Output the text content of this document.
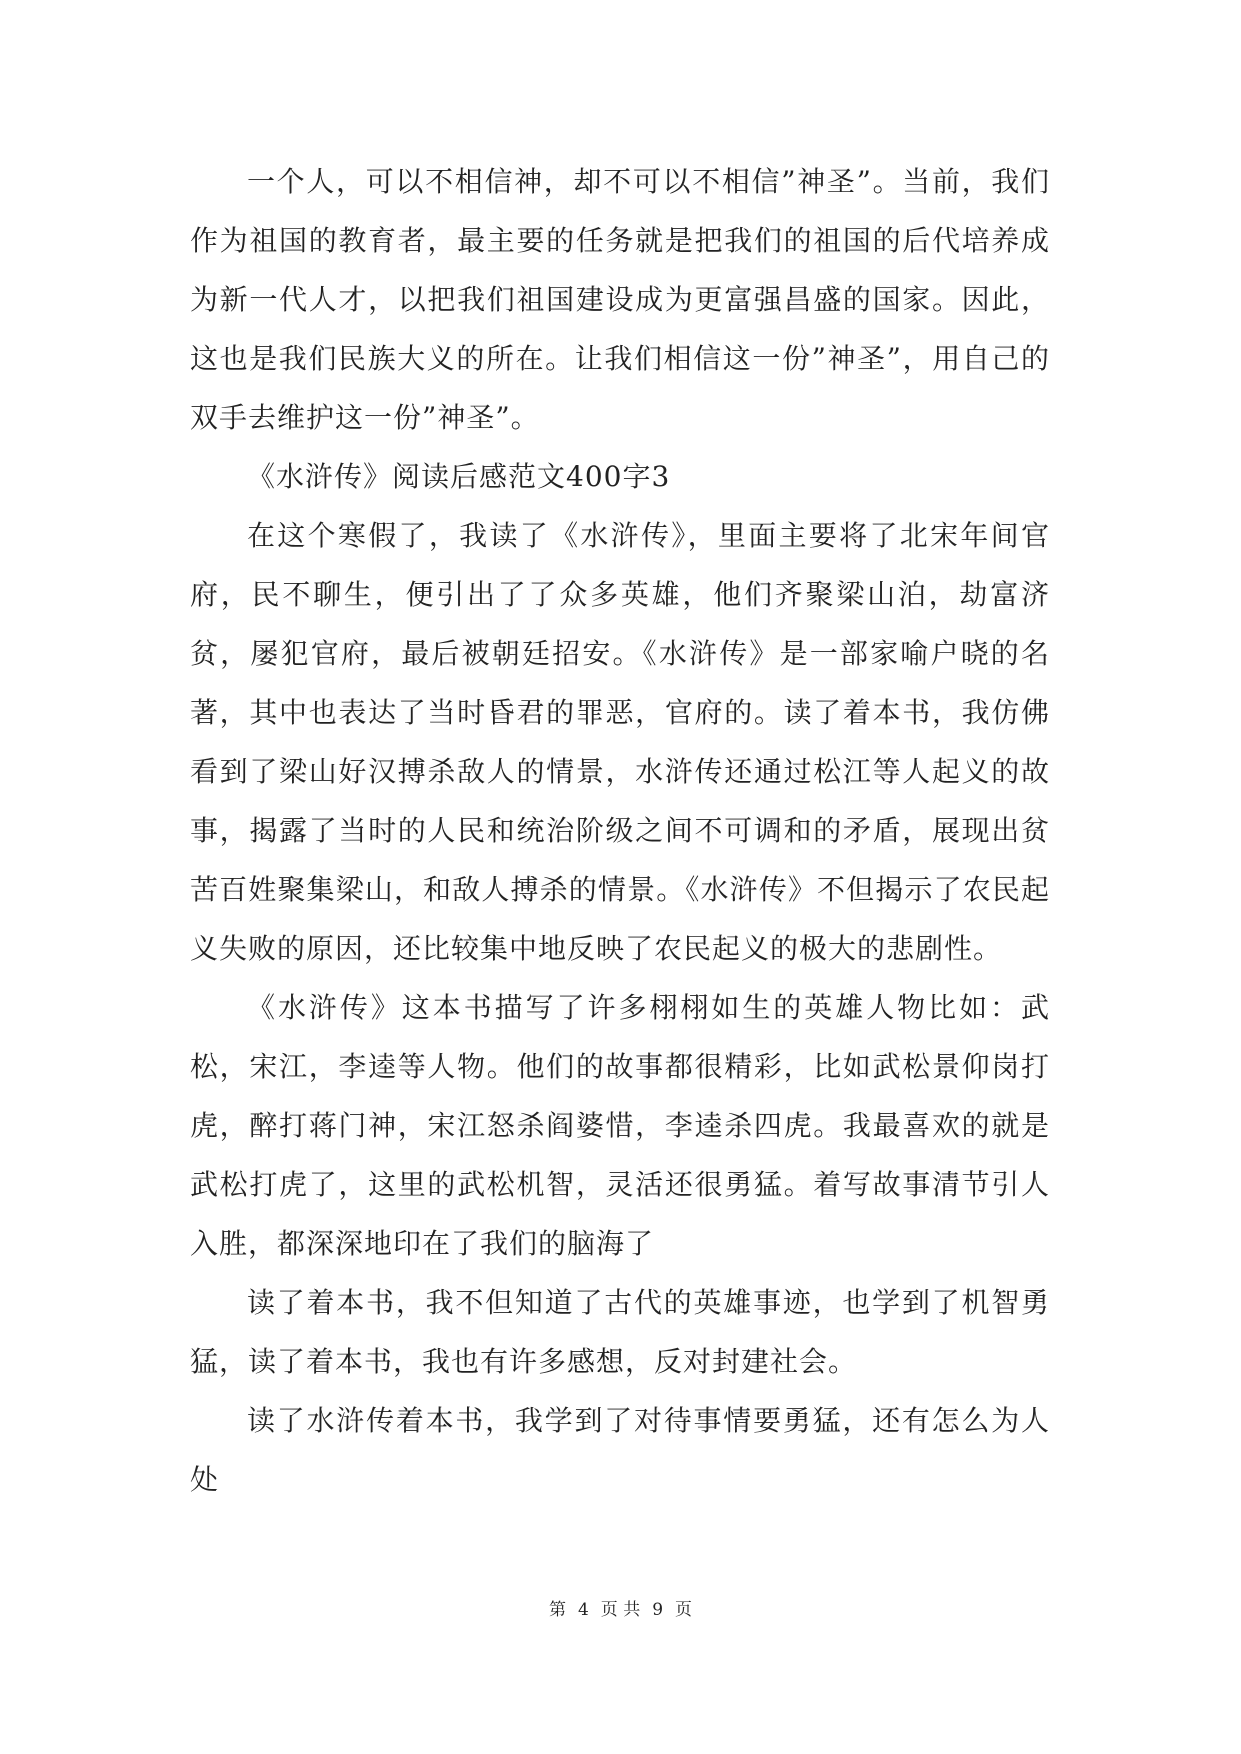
一个人，可以不相信神，却不可以不相信”神圣”。当前，我们作为祖国的教育者，最主要的任务就是把我们的祖国的后代培养成为新一代人才，以把我们祖国建设成为更富强昌盛的国家。因此，这也是我们民族大义的所在。让我们相信这一份”神圣”，用自己的双手去维护这一份”神圣”。

《水浒传》阅读后感范文400字3

在这个寒假了，我读了《水浒传》，里面主要将了北宋年间官府，民不聊生，便引出了了众多英雄，他们齐聚梁山泊，劫富济贫，屡犯官府，最后被朝廷招安。《水浒传》是一部家喻户晓的名著，其中也表达了当时昏君的罪恶，官府的。读了着本书，我仿佛看到了梁山好汉搏杀敌人的情景，水浒传还通过松江等人起义的故事，揭露了当时的人民和统治阶级之间不可调和的矛盾，展现出贫苦百姓聚集梁山，和敌人搏杀的情景。《水浒传》不但揭示了农民起义失败的原因，还比较集中地反映了农民起义的极大的悲剧性。

《水浒传》这本书描写了许多栩栩如生的英雄人物比如：武松，宋江，李逵等人物。他们的故事都很精彩，比如武松景仰岗打虎，醉打蒋门神，宋江怒杀阎婆惜，李逵杀四虎。我最喜欢的就是武松打虎了，这里的武松机智，灵活还很勇猛。着写故事清节引人入胜，都深深地印在了我们的脑海了

读了着本书，我不但知道了古代的英雄事迹，也学到了机智勇猛，读了着本书，我也有许多感想，反对封建社会。

读了水浒传着本书，我学到了对待事情要勇猛，还有怎么为人处

第 4 页 共 9 页
